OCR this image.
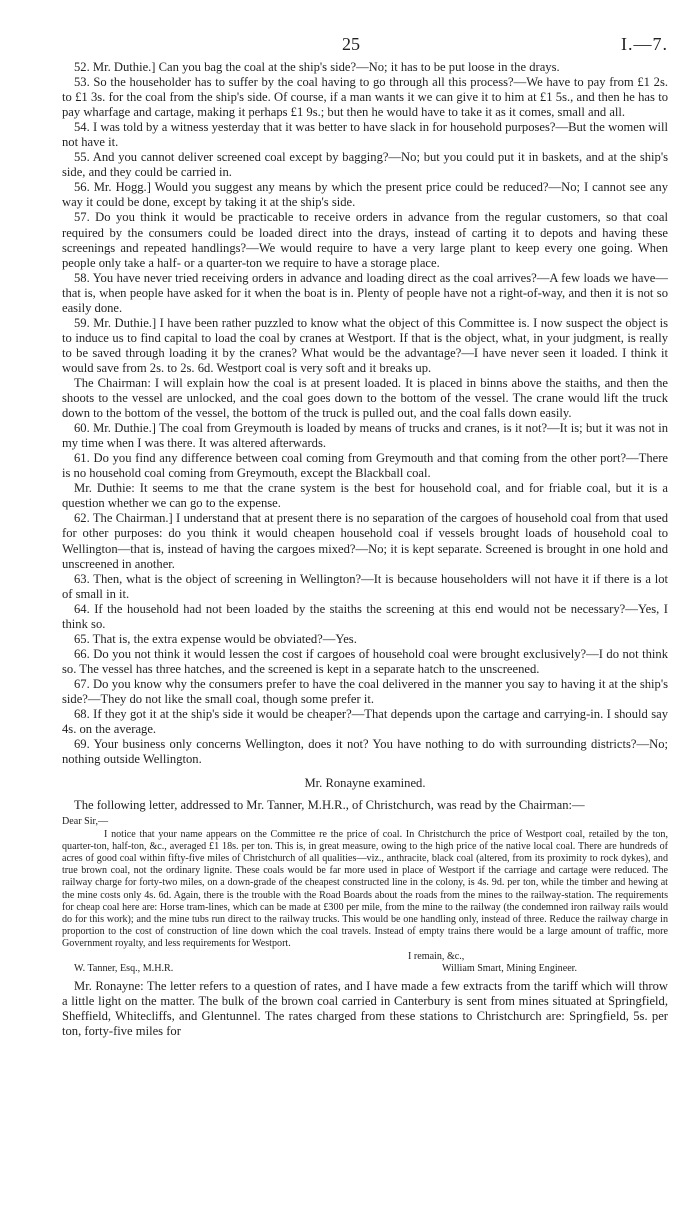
25	I.—7.

52. Mr. Duthie.] Can you bag the coal at the ship's side?—No; it has to be put loose in the drays.

53. So the householder has to suffer by the coal having to go through all this process?—We have to pay from £1 2s. to £1 3s. for the coal from the ship's side. Of course, if a man wants it we can give it to him at £1 5s., and then he has to pay wharfage and cartage, making it perhaps £1 9s.; but then he would have to take it as it comes, small and all.

54. I was told by a witness yesterday that it was better to have slack in for household purposes?—But the women will not have it.

55. And you cannot deliver screened coal except by bagging?—No; but you could put it in baskets, and at the ship's side, and they could be carried in.

56. Mr. Hogg.] Would you suggest any means by which the present price could be reduced?—No; I cannot see any way it could be done, except by taking it at the ship's side.

57. Do you think it would be practicable to receive orders in advance from the regular customers, so that coal required by the consumers could be loaded direct into the drays, instead of carting it to depots and having these screenings and repeated handlings?—We would require to have a very large plant to keep every one going. When people only take a half- or a quarter-ton we require to have a storage place.

58. You have never tried receiving orders in advance and loading direct as the coal arrives?—A few loads we have—that is, when people have asked for it when the boat is in. Plenty of people have not a right-of-way, and then it is not so easily done.

59. Mr. Duthie.] I have been rather puzzled to know what the object of this Committee is. I now suspect the object is to induce us to find capital to load the coal by cranes at Westport. If that is the object, what, in your judgment, is really to be saved through loading it by the cranes? What would be the advantage?—I have never seen it loaded. I think it would save from 2s. to 2s. 6d. Westport coal is very soft and it breaks up.

The Chairman: I will explain how the coal is at present loaded. It is placed in binns above the staiths, and then the shoots to the vessel are unlocked, and the coal goes down to the bottom of the vessel. The crane would lift the truck down to the bottom of the vessel, the bottom of the truck is pulled out, and the coal falls down easily.

60. Mr. Duthie.] The coal from Greymouth is loaded by means of trucks and cranes, is it not?—It is; but it was not in my time when I was there. It was altered afterwards.

61. Do you find any difference between coal coming from Greymouth and that coming from the other port?—There is no household coal coming from Greymouth, except the Blackball coal.

Mr. Duthie: It seems to me that the crane system is the best for household coal, and for friable coal, but it is a question whether we can go to the expense.

62. The Chairman.] I understand that at present there is no separation of the cargoes of household coal from that used for other purposes: do you think it would cheapen household coal if vessels brought loads of household coal to Wellington—that is, instead of having the cargoes mixed?—No; it is kept separate. Screened is brought in one hold and unscreened in another.

63. Then, what is the object of screening in Wellington?—It is because householders will not have it if there is a lot of small in it.

64. If the household had not been loaded by the staiths the screening at this end would not be necessary?—Yes, I think so.

65. That is, the extra expense would be obviated?—Yes.

66. Do you not think it would lessen the cost if cargoes of household coal were brought exclusively?—I do not think so. The vessel has three hatches, and the screened is kept in a separate hatch to the unscreened.

67. Do you know why the consumers prefer to have the coal delivered in the manner you say to having it at the ship's side?—They do not like the small coal, though some prefer it.

68. If they got it at the ship's side it would be cheaper?—That depends upon the cartage and carrying-in. I should say 4s. on the average.

69. Your business only concerns Wellington, does it not? You have nothing to do with surrounding districts?—No; nothing outside Wellington.

Mr. Ronayne examined.

The following letter, addressed to Mr. Tanner, M.H.R., of Christchurch, was read by the Chairman:—

Dear Sir,—

I notice that your name appears on the Committee re the price of coal. In Christchurch the price of Westport coal, retailed by the ton, quarter-ton, half-ton, &c., averaged £1 18s. per ton. This is, in great measure, owing to the high price of the native local coal. There are hundreds of acres of good coal within fifty-five miles of Christchurch of all qualities—viz., anthracite, black coal (altered, from its proximity to rock dykes), and true brown coal, not the ordinary lignite. These coals would be far more used in place of Westport if the carriage and cartage were reduced. The railway charge for forty-two miles, on a down-grade of the cheapest constructed line in the colony, is 4s. 9d. per ton, while the timber and hewing at the mine costs only 4s. 6d. Again, there is the trouble with the Road Boards about the roads from the mines to the railway-station. The requirements for cheap coal here are: Horse tram-lines, which can be made at £300 per mile, from the mine to the railway (the condemned iron railway rails would do for this work); and the mine tubs run direct to the railway trucks. This would be one handling only, instead of three. Reduce the railway charge in proportion to the cost of construction of line down which the coal travels. Instead of empty trains there would be a large amount of traffic, more Government royalty, and less requirements for Westport.

I remain, &c.,
W. Tanner, Esq., M.H.R.	William Smart, Mining Engineer.

Mr. Ronayne: The letter refers to a question of rates, and I have made a few extracts from the tariff which will throw a little light on the matter. The bulk of the brown coal carried in Canterbury is sent from mines situated at Springfield, Sheffield, Whitecliffs, and Glentunnel. The rates charged from these stations to Christchurch are: Springfield, 5s. per ton, forty-five miles for
